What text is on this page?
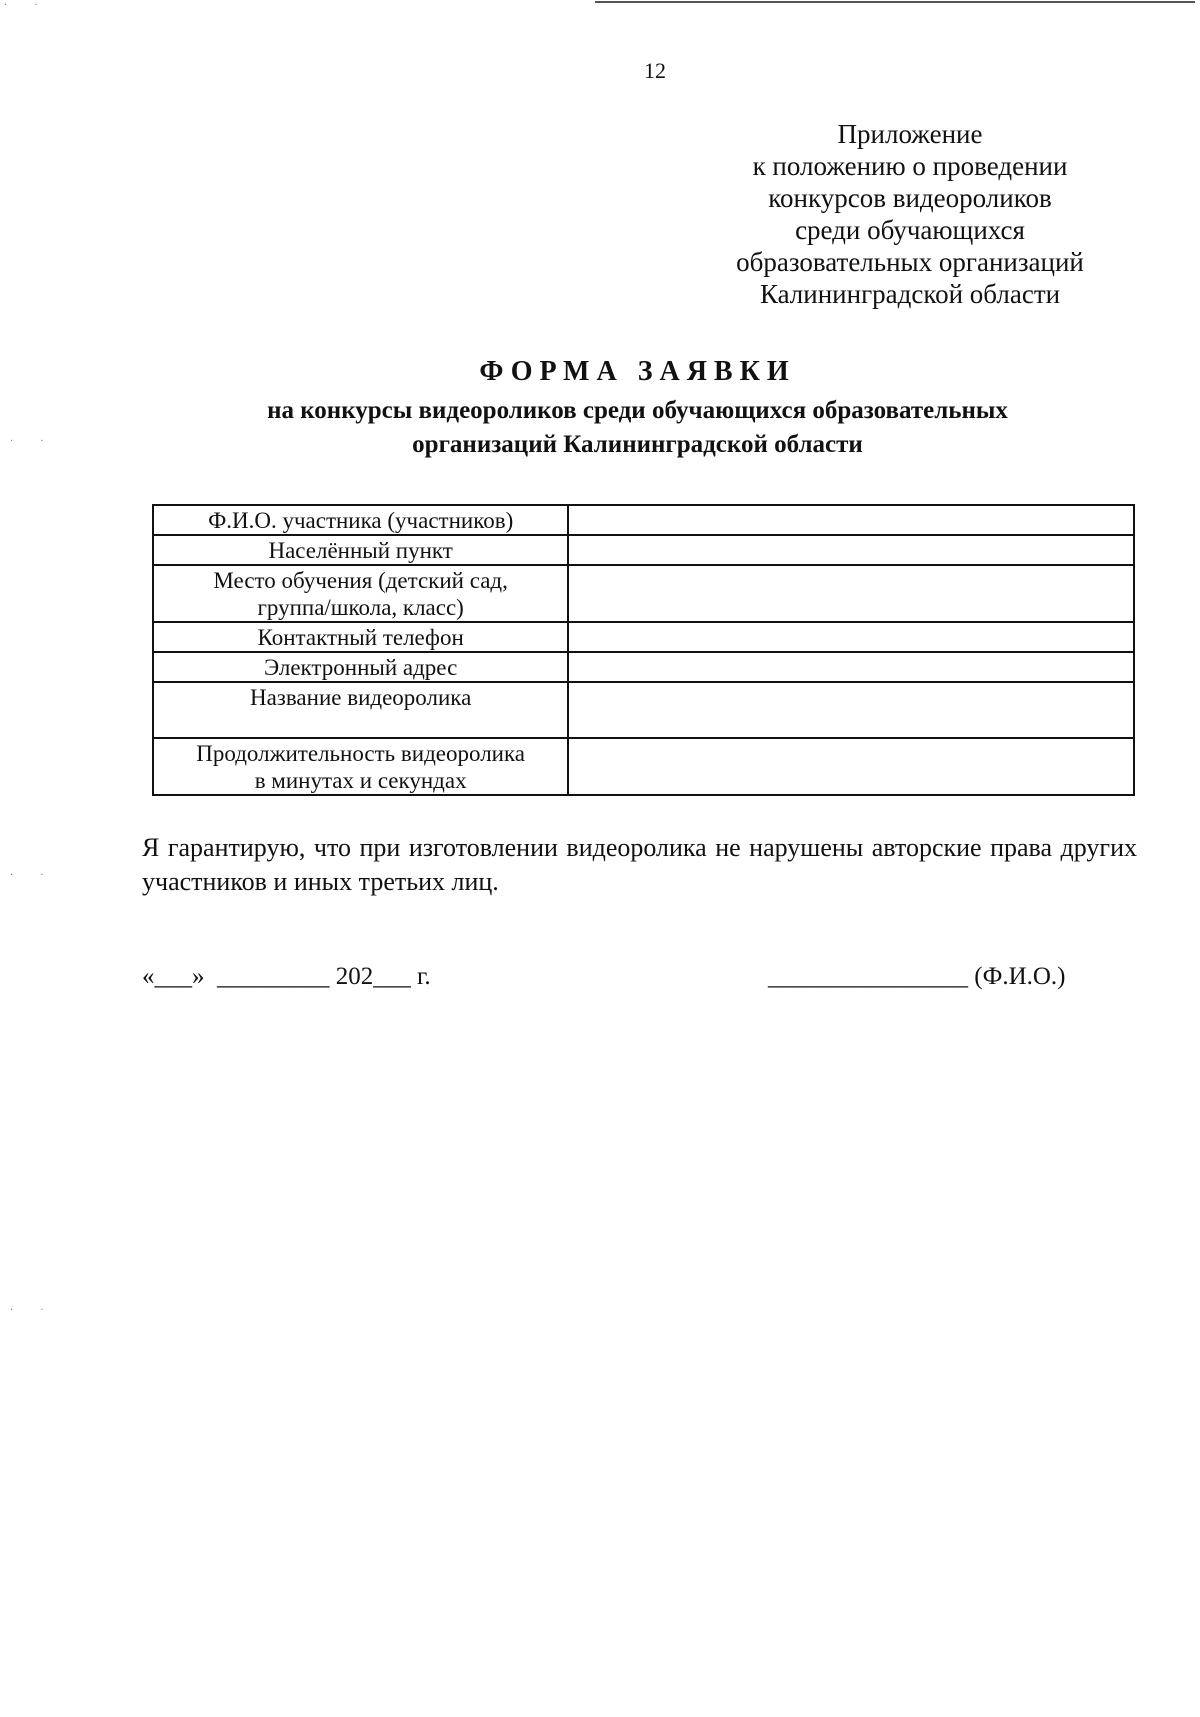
· ·
· ·
· ·
· ·
12
Приложение
к положению о проведении
конкурсов видеороликов
среди обучающихся
образовательных организаций
Калининградской области
ФОРМА ЗАЯВКИ
на конкурсы видеороликов среди обучающихся образовательных
организаций Калининградской области
Ф.И.О. участника (участников)	

Населённый пункт	

Место обучения (детский сад,
группа/школа, класс)	

Контактный телефон	

Электронный адрес	

Название видеоролика	

Продолжительность видеоролика
в минутах и секундах	

Я гарантирую, что при изготовлении видеоролика не нарушены авторские права других участников и иных третьих лиц.
«___»  _________ 202___ г.	________________ (Ф.И.О.)
